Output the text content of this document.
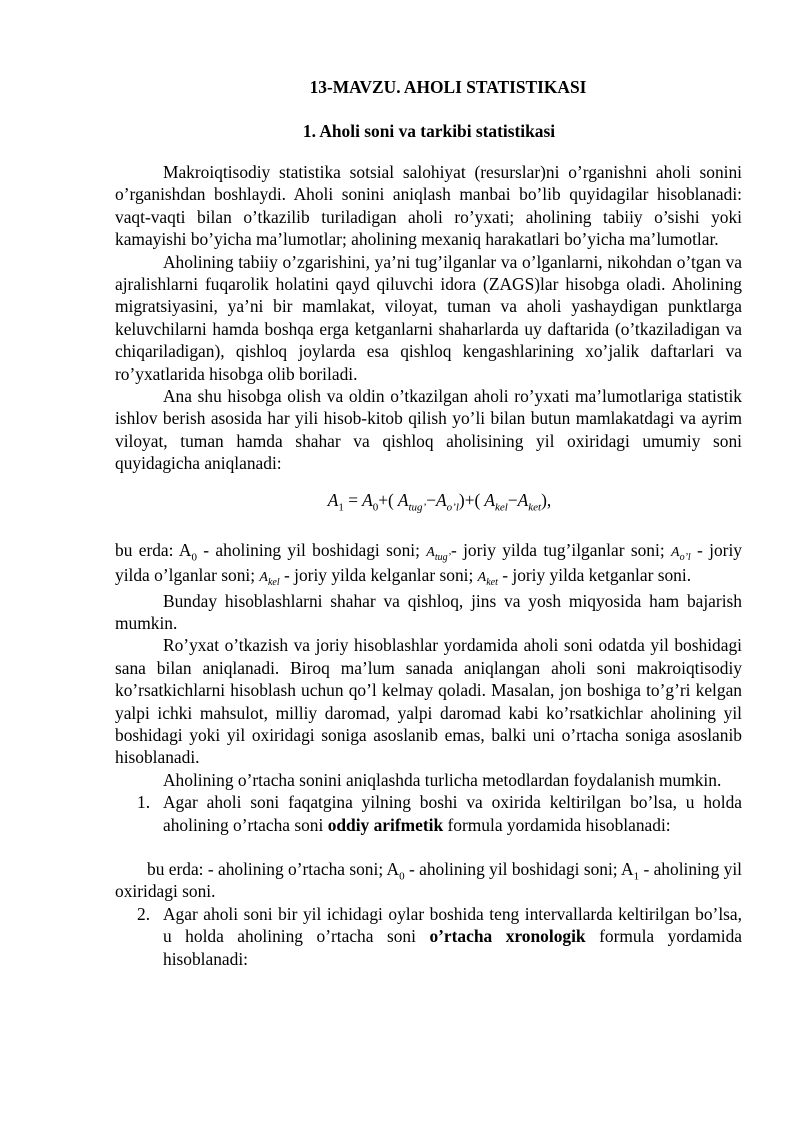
13-MAVZU. AHOLI STATISTIKASI
1. Aholi soni va tarkibi statistikasi

Makroiqtisodiy statistika sotsial salohiyat (resurslar)ni o’rganishni aholi sonini o’rganishdan boshlaydi. Aholi sonini aniqlash manbai bo’lib quyidagilar hisoblanadi: vaqt-vaqti bilan o’tkazilib turiladigan aholi ro’yxati; aholining tabiiy o’sishi yoki kamayishi bo’yicha ma’lumotlar; aholining mexaniq harakatlari bo’yicha ma’lumotlar.

Aholining tabiiy o’zgarishini, ya’ni tug’ilganlar va o’lganlarni, nikohdan o’tgan va ajralishlarni fuqarolik holatini qayd qiluvchi idora (ZAGS)lar hisobga oladi. Aholining migratsiyasini, ya’ni bir mamlakat, viloyat, tuman va aholi yashaydigan punktlarga keluvchilarni hamda boshqa erga ketganlarni shaharlarda uy daftarida (o’tkaziladigan va chiqariladigan), qishloq joylarda esa qishloq kengashlarining xo’jalik daftarlari va ro’yxatlarida hisobga olib boriladi.

Ana shu hisobga olish va oldin o’tkazilgan aholi ro’yxati ma’lumotlariga statistik ishlov berish asosida har yili hisob-kitob qilish yo’li bilan butun mamlakatdagi va ayrim viloyat, tuman hamda shahar va qishloq aholisining yil oxiridagi umumiy soni quyidagicha aniqlanadi:

$A_1 = A_0+$( $A_{tug’}-A_{o’l})+$( $A_{kel}-A_{ket}$),

bu erda: $A_0$ - aholining yil boshidagi soni; $A_{tug’}-$ joriy yilda tug’ilganlar soni; $A_{o’l}$ - joriy yilda o’lganlar soni; $A_{kel}$ - joriy yilda kelganlar soni; $A_{ket}$ - joriy yilda ketganlar soni.

Bunday hisoblashlarni shahar va qishloq, jins va yosh miqyosida ham bajarish mumkin.

Ro’yxat o’tkazish va joriy hisoblashlar yordamida aholi soni odatda yil boshidagi sana bilan aniqlanadi. Biroq ma’lum sanada aniqlangan aholi soni makroiqtisodiy ko’rsatkichlarni hisoblash uchun qo’l kelmay qoladi. Masalan, jon boshiga to’g’ri kelgan yalpi ichki mahsulot, milliy daromad, yalpi daromad kabi ko’rsatkichlar aholining yil boshidagi yoki yil oxiridagi soniga asoslanib emas, balki uni o’rtacha soniga asoslanib hisoblanadi.

Aholining o’rtacha sonini aniqlashda turlicha metodlardan foydalanish mumkin.

1. Agar aholi soni faqatgina yilning boshi va oxirida keltirilgan bo’lsa, u holda aholining o’rtacha soni oddiy arifmetik formula yordamida hisoblanadi:

bu erda: - aholining o’rtacha soni; $A_0$ - aholining yil boshidagi soni; $A_1$ - aholining yil oxiridagi soni.

2. Agar aholi soni bir yil ichidagi oylar boshida teng intervallarda keltirilgan bo’lsa, u holda aholining o’rtacha soni o’rtacha xronologik formula yordamida hisoblanadi:
